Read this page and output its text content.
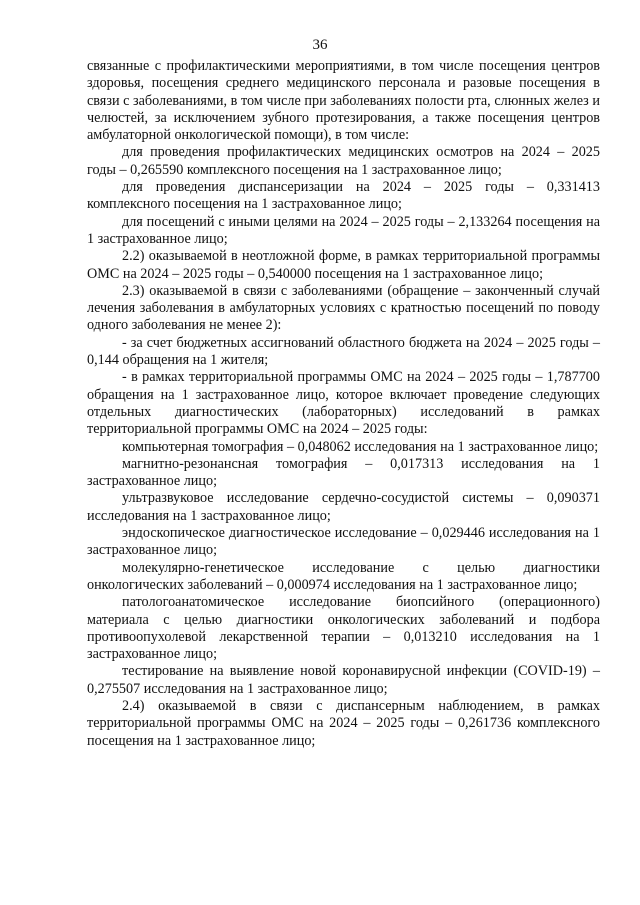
36

связанные с профилактическими мероприятиями, в том числе посещения центров здоровья, посещения среднего медицинского персонала и разовые посещения в связи с заболеваниями, в том числе при заболеваниях полости рта, слюнных желез и челюстей, за исключением зубного протезирования, а также посещения центров амбулаторной онкологической помощи), в том числе:

для проведения профилактических медицинских осмотров на 2024 – 2025 годы – 0,265590 комплексного посещения на 1 застрахованное лицо;

для проведения диспансеризации на 2024 – 2025 годы – 0,331413 комплексного посещения на 1 застрахованное лицо;

для посещений с иными целями на 2024 – 2025 годы – 2,133264 посещения на 1 застрахованное лицо;

2.2) оказываемой в неотложной форме, в рамках территориальной программы ОМС на 2024 – 2025 годы – 0,540000 посещения на 1 застрахованное лицо;

2.3) оказываемой в связи с заболеваниями (обращение – законченный случай лечения заболевания в амбулаторных условиях с кратностью посещений по поводу одного заболевания не менее 2):

- за счет бюджетных ассигнований областного бюджета на 2024 – 2025 годы – 0,144 обращения на 1 жителя;

- в рамках территориальной программы ОМС на 2024 – 2025 годы – 1,787700 обращения на 1 застрахованное лицо, которое включает проведение следующих отдельных диагностических (лабораторных) исследований в рамках территориальной программы ОМС на 2024 – 2025 годы:

компьютерная томография – 0,048062 исследования на 1 застрахованное лицо;

магнитно-резонансная томография – 0,017313 исследования на 1 застрахованное лицо;

ультразвуковое исследование сердечно-сосудистой системы – 0,090371 исследования на 1 застрахованное лицо;

эндоскопическое диагностическое исследование – 0,029446 исследования на 1 застрахованное лицо;

молекулярно-генетическое исследование с целью диагностики онкологических заболеваний – 0,000974 исследования на 1 застрахованное лицо;

патологоанатомическое исследование биопсийного (операционного) материала с целью диагностики онкологических заболеваний и подбора противоопухолевой лекарственной терапии – 0,013210 исследования на 1 застрахованное лицо;

тестирование на выявление новой коронавирусной инфекции (COVID-19) – 0,275507 исследования на 1 застрахованное лицо;

2.4) оказываемой в связи с диспансерным наблюдением, в рамках территориальной программы ОМС на 2024 – 2025 годы – 0,261736 комплексного посещения на 1 застрахованное лицо;
